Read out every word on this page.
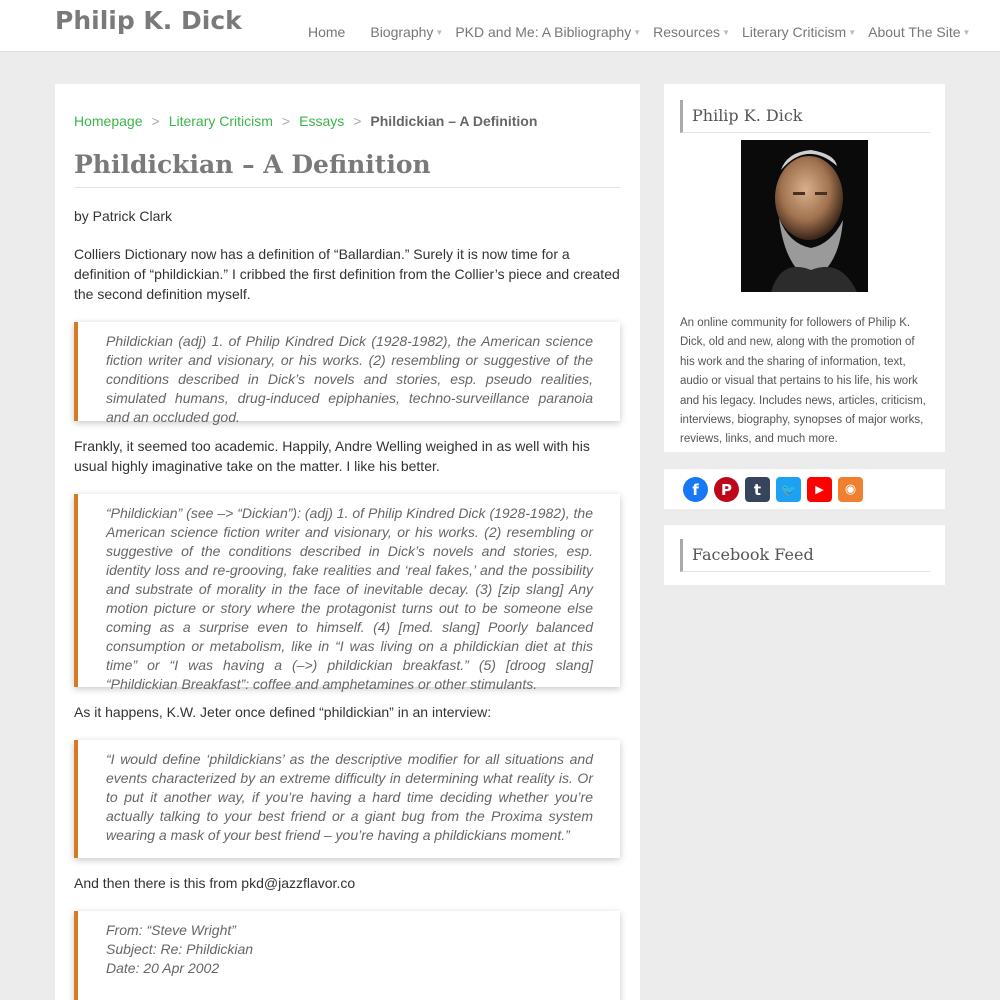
Philip K. Dick	Home Biography ▼ PKD and Me: A Bibliography ▼ Resources ▼ Literary Criticism ▼ About The Site ▼
Homepage > Literary Criticism > Essays > Phildickian – A Definition
Phildickian – A Definition

by Patrick Clark

Colliers Dictionary now has a definition of “Ballardian.” Surely it is now time for a definition of “phildickian.” I cribbed the first definition from the Collier’s piece and created the second definition myself.

Phildickian (adj) 1. of Philip Kindred Dick (1928-1982), the American science fiction writer and visionary, or his works. (2) resembling or suggestive of the conditions described in Dick’s novels and stories, esp. pseudo realities, simulated humans, drug-induced epiphanies, techno-surveillance paranoia and an occluded god.

Frankly, it seemed too academic. Happily, Andre Welling weighed in as well with his usual highly imaginative take on the matter. I like his better.

“Phildickian” (see –> “Dickian”): (adj) 1. of Philip Kindred Dick (1928-1982), the American science fiction writer and visionary, or his works. (2) resembling or suggestive of the conditions described in Dick’s novels and stories, esp. identity loss and re-grooving, fake realities and ‘real fakes,’ and the possibility and substrate of morality in the face of inevitable decay. (3) [zip slang] Any motion picture or story where the protagonist turns out to be someone else coming as a surprise even to himself. (4) [med. slang] Poorly balanced consumption or metabolism, like in “I was living on a phildickian diet at this time” or “I was having a (–>) phildickian breakfast.” (5) [droog slang] “Phildickian Breakfast”: coffee and amphetamines or other stimulants.

As it happens, K.W. Jeter once defined “phildickian” in an interview:

“I would define ‘phildickians’ as the descriptive modifier for all situations and events characterized by an extreme difficulty in determining what reality is. Or to put it another way, if you’re having a hard time deciding whether you’re actually talking to your best friend or a giant bug from the Proxima system wearing a mask of your best friend – you’re having a phildickians moment.”

And then there is this from pkd@jazzflavor.co

From: “Steve Wright”

Subject: Re: Phildickian

Date: 20 Apr 2002

Philip K. Dick

An online community for followers of Philip K. Dick, old and new, along with the promotion of his work and the sharing of information, text, audio or visual that pertains to his life, his work and his legacy. Includes news, articles, criticism, interviews, biography, synopses of major works, reviews, links, and much more.

f P t 🐦 ▶ ◉
Facebook Feed
